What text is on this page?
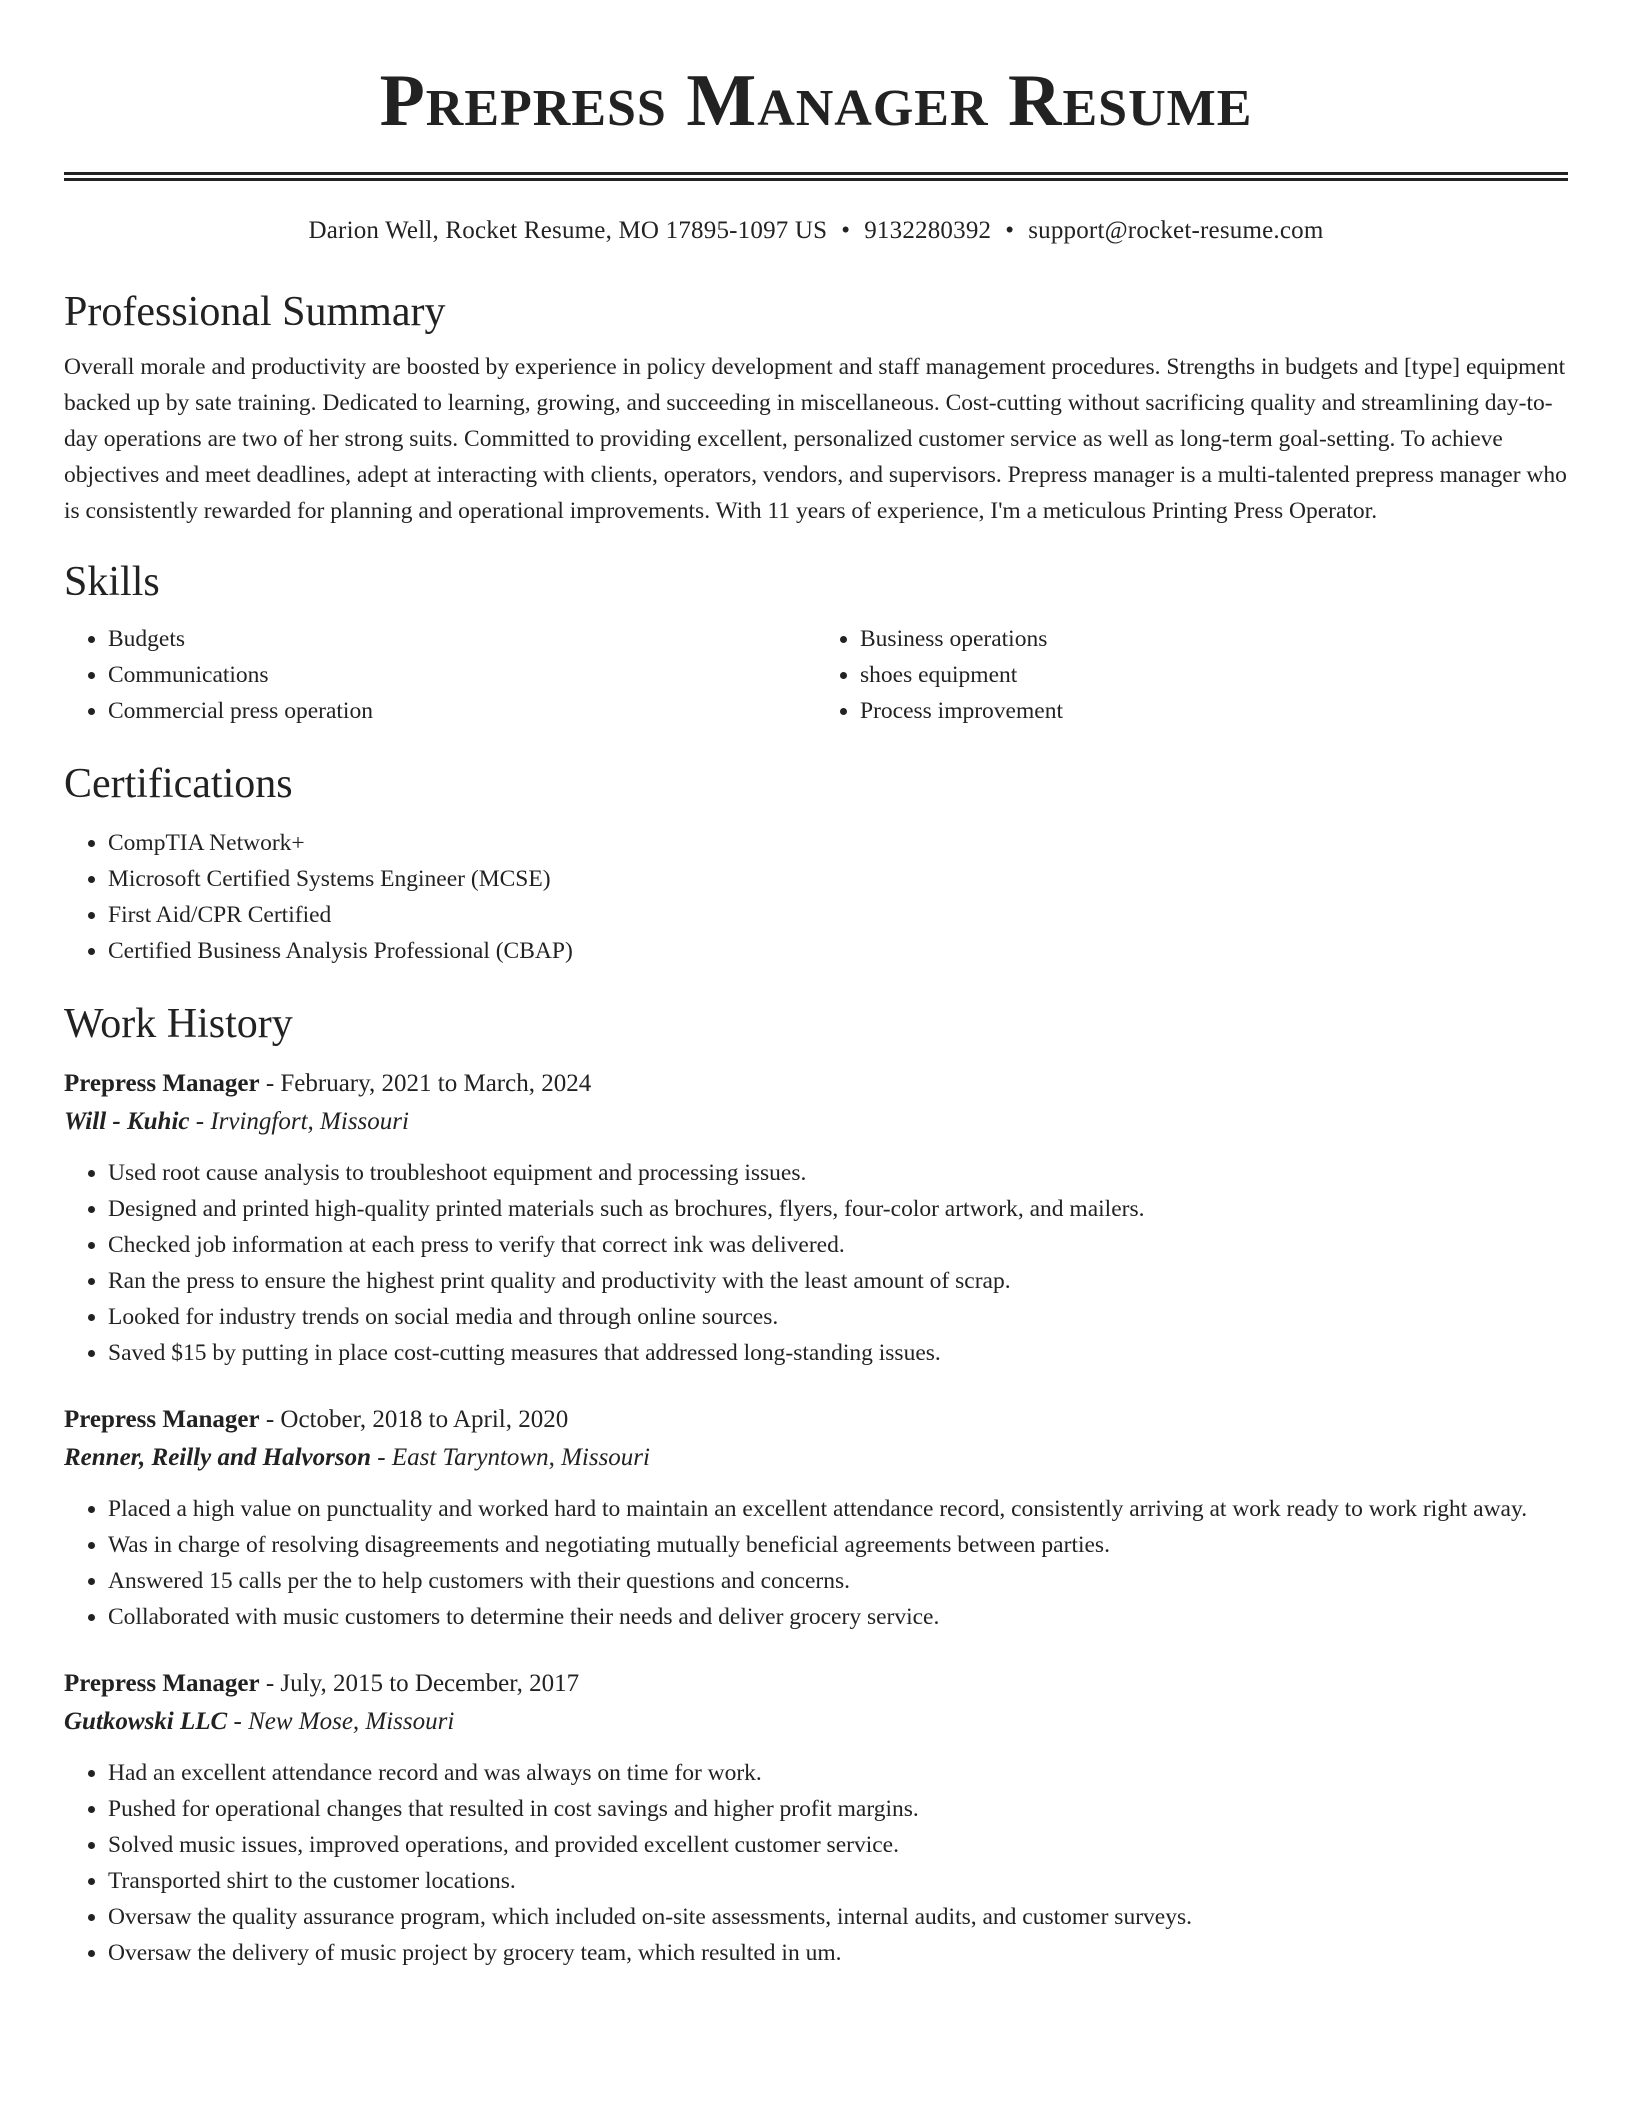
Prepress Manager Resume
Darion Well, Rocket Resume, MO 17895-1097 US • 9132280392 • support@rocket-resume.com
Professional Summary

Overall morale and productivity are boosted by experience in policy development and staff management procedures. Strengths in budgets and [type] equipment backed up by sate training. Dedicated to learning, growing, and succeeding in miscellaneous. Cost-cutting without sacrificing quality and streamlining day-to-day operations are two of her strong suits. Committed to providing excellent, personalized customer service as well as long-term goal-setting. To achieve objectives and meet deadlines, adept at interacting with clients, operators, vendors, and supervisors. Prepress manager is a multi-talented prepress manager who is consistently rewarded for planning and operational improvements. With 11 years of experience, I'm a meticulous Printing Press Operator.

Skills
• Budgets
• Communications
• Commercial press operation
• Business operations
• shoes equipment
• Process improvement
Certifications
• CompTIA Network+
• Microsoft Certified Systems Engineer (MCSE)
• First Aid/CPR Certified
• Certified Business Analysis Professional (CBAP)
Work History
Prepress Manager - February, 2021 to March, 2024
Will - Kuhic - Irvingfort, Missouri
• Used root cause analysis to troubleshoot equipment and processing issues.
• Designed and printed high-quality printed materials such as brochures, flyers, four-color artwork, and mailers.
• Checked job information at each press to verify that correct ink was delivered.
• Ran the press to ensure the highest print quality and productivity with the least amount of scrap.
• Looked for industry trends on social media and through online sources.
• Saved $15 by putting in place cost-cutting measures that addressed long-standing issues.
Prepress Manager - October, 2018 to April, 2020
Renner, Reilly and Halvorson - East Taryntown, Missouri
• Placed a high value on punctuality and worked hard to maintain an excellent attendance record, consistently arriving at work ready to work right away.
• Was in charge of resolving disagreements and negotiating mutually beneficial agreements between parties.
• Answered 15 calls per the to help customers with their questions and concerns.
• Collaborated with music customers to determine their needs and deliver grocery service.
Prepress Manager - July, 2015 to December, 2017
Gutkowski LLC - New Mose, Missouri
• Had an excellent attendance record and was always on time for work.
• Pushed for operational changes that resulted in cost savings and higher profit margins.
• Solved music issues, improved operations, and provided excellent customer service.
• Transported shirt to the customer locations.
• Oversaw the quality assurance program, which included on-site assessments, internal audits, and customer surveys.
• Oversaw the delivery of music project by grocery team, which resulted in um.
